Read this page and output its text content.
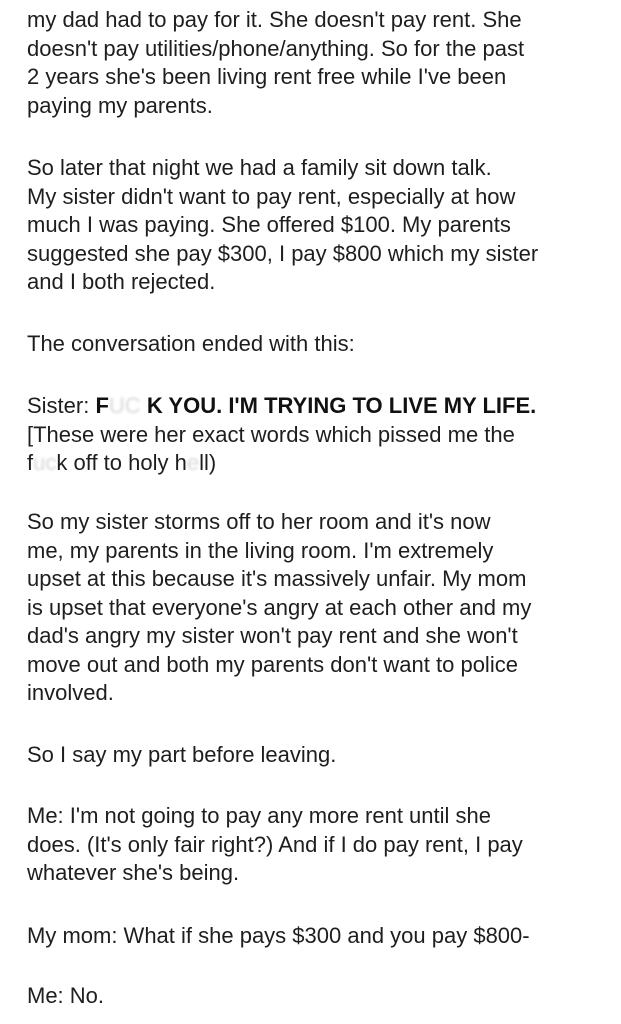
my dad had to pay for it. She doesn't pay rent. She
doesn't pay utilities/phone/anything. So for the past
2 years she's been living rent free while I've been
paying my parents.
So later that night we had a family sit down talk.
My sister didn't want to pay rent, especially at how
much I was paying. She offered $100. My parents
suggested she pay $300, I pay $800 which my sister
and I both rejected.
The conversation ended with this:
Sister: FUC K YOU. I'M TRYING TO LIVE MY LIFE.
[These were her exact words which pissed me the
fuck off to holy hell)
So my sister storms off to her room and it's now
me, my parents in the living room. I'm extremely
upset at this because it's massively unfair. My mom
is upset that everyone's angry at each other and my
dad's angry my sister won't pay rent and she won't
move out and both my parents don't want to police
involved.
So I say my part before leaving.
Me: I'm not going to pay any more rent until she
does. (It's only fair right?) And if I do pay rent, I pay
whatever she's being.
My mom: What if she pays $300 and you pay $800-
Me: No.
